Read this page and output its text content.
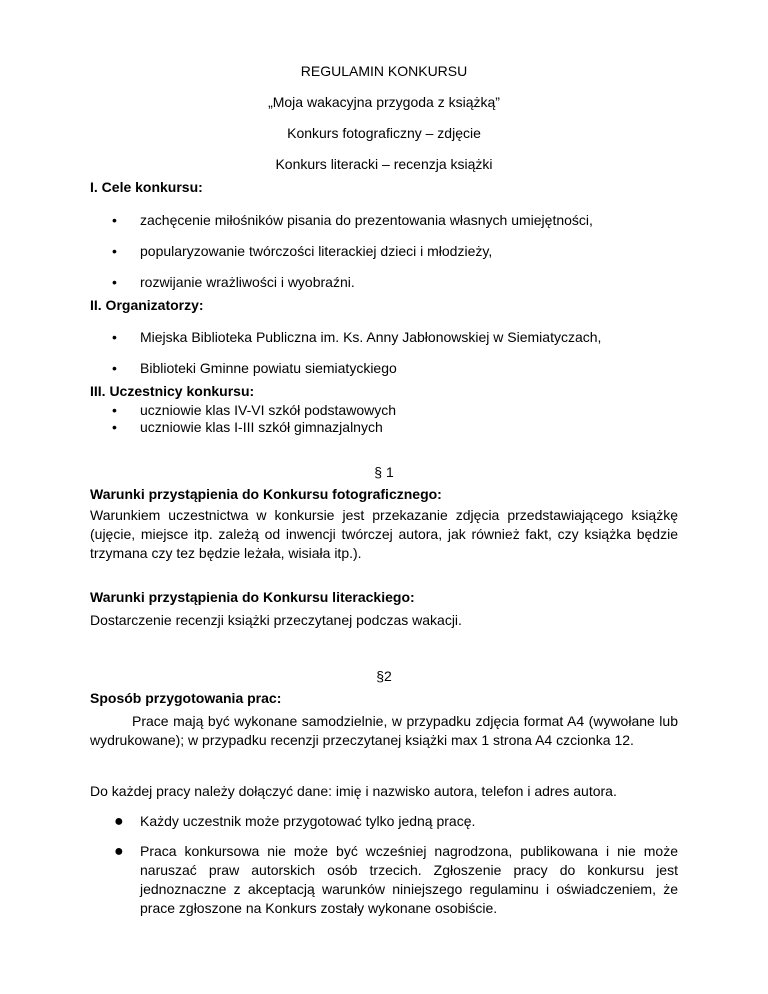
REGULAMIN KONKURSU
„Moja wakacyjna przygoda z książką”
Konkurs fotograficzny – zdjęcie
Konkurs literacki – recenzja książki
I. Cele konkursu:
• zachęcenie miłośników pisania do prezentowania własnych umiejętności,
• popularyzowanie twórczości literackiej dzieci i młodzieży,
• rozwijanie wrażliwości i wyobraźni.
II. Organizatorzy:
• Miejska Biblioteka Publiczna im. Ks. Anny Jabłonowskiej w Siemiatyczach,
• Biblioteki Gminne powiatu siemiatyckiego
III. Uczestnicy konkursu:
• uczniowie klas IV-VI szkół podstawowych
• uczniowie klas I-III szkół gimnazjalnych
§ 1
Warunki przystąpienia do Konkursu fotograficznego:
Warunkiem uczestnictwa w konkursie jest przekazanie zdjęcia przedstawiającego książkę (ujęcie, miejsce itp. zależą od inwencji twórczej autora, jak również fakt, czy książka będzie trzymana czy tez będzie leżała, wisiała itp.).
Warunki przystąpienia do Konkursu literackiego:
Dostarczenie recenzji książki przeczytanej podczas wakacji.
§2
Sposób przygotowania prac:
Prace mają być wykonane samodzielnie, w przypadku zdjęcia format A4 (wywołane lub wydrukowane); w przypadku recenzji przeczytanej książki max 1 strona A4 czcionka 12.
Do każdej pracy należy dołączyć dane: imię i nazwisko autora, telefon i adres autora.
● Każdy uczestnik może przygotować tylko jedną pracę.
● Praca konkursowa nie może być wcześniej nagrodzona, publikowana i nie może naruszać praw autorskich osób trzecich. Zgłoszenie pracy do konkursu jest jednoznaczne z akceptacją warunków niniejszego regulaminu i oświadczeniem, że prace zgłoszone na Konkurs zostały wykonane osobiście.
